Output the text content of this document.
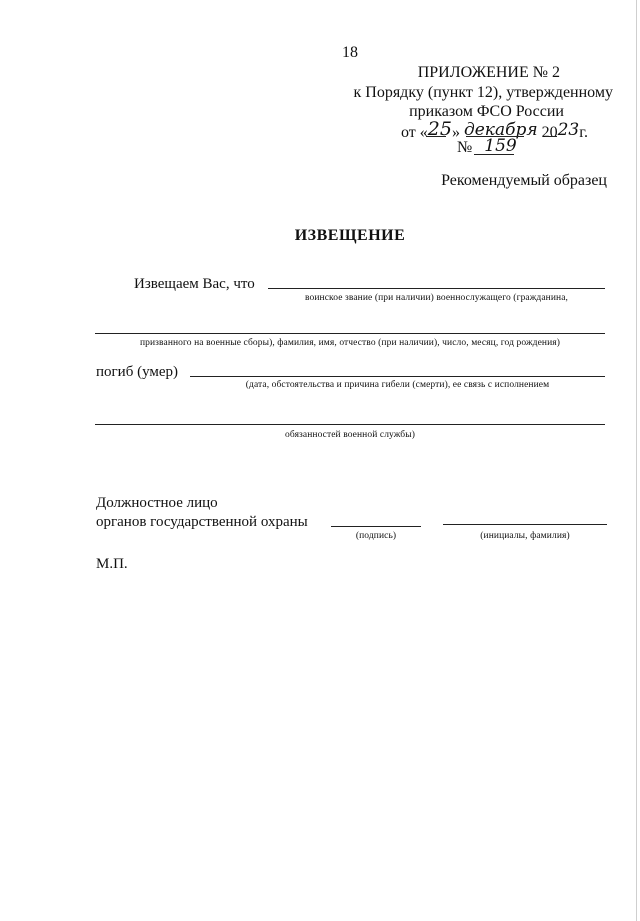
18
ПРИЛОЖЕНИЕ № 2
к Порядку (пункт 12), утвержденному
приказом ФСО России
от «25» декабря 2023г.
№ 159
Рекомендуемый образец
ИЗВЕЩЕНИЕ
Извещаем Вас, что
воинское звание (при наличии) военнослужащего (гражданина,
призванного на военные сборы), фамилия, имя, отчество (при наличии), число, месяц, год рождения)
погиб (умер)
(дата, обстоятельства и причина гибели (смерти), ее связь с исполнением
обязанностей военной службы)
Должностное лицо
органов государственной охраны
(подпись)	(инициалы, фамилия)
М.П.
